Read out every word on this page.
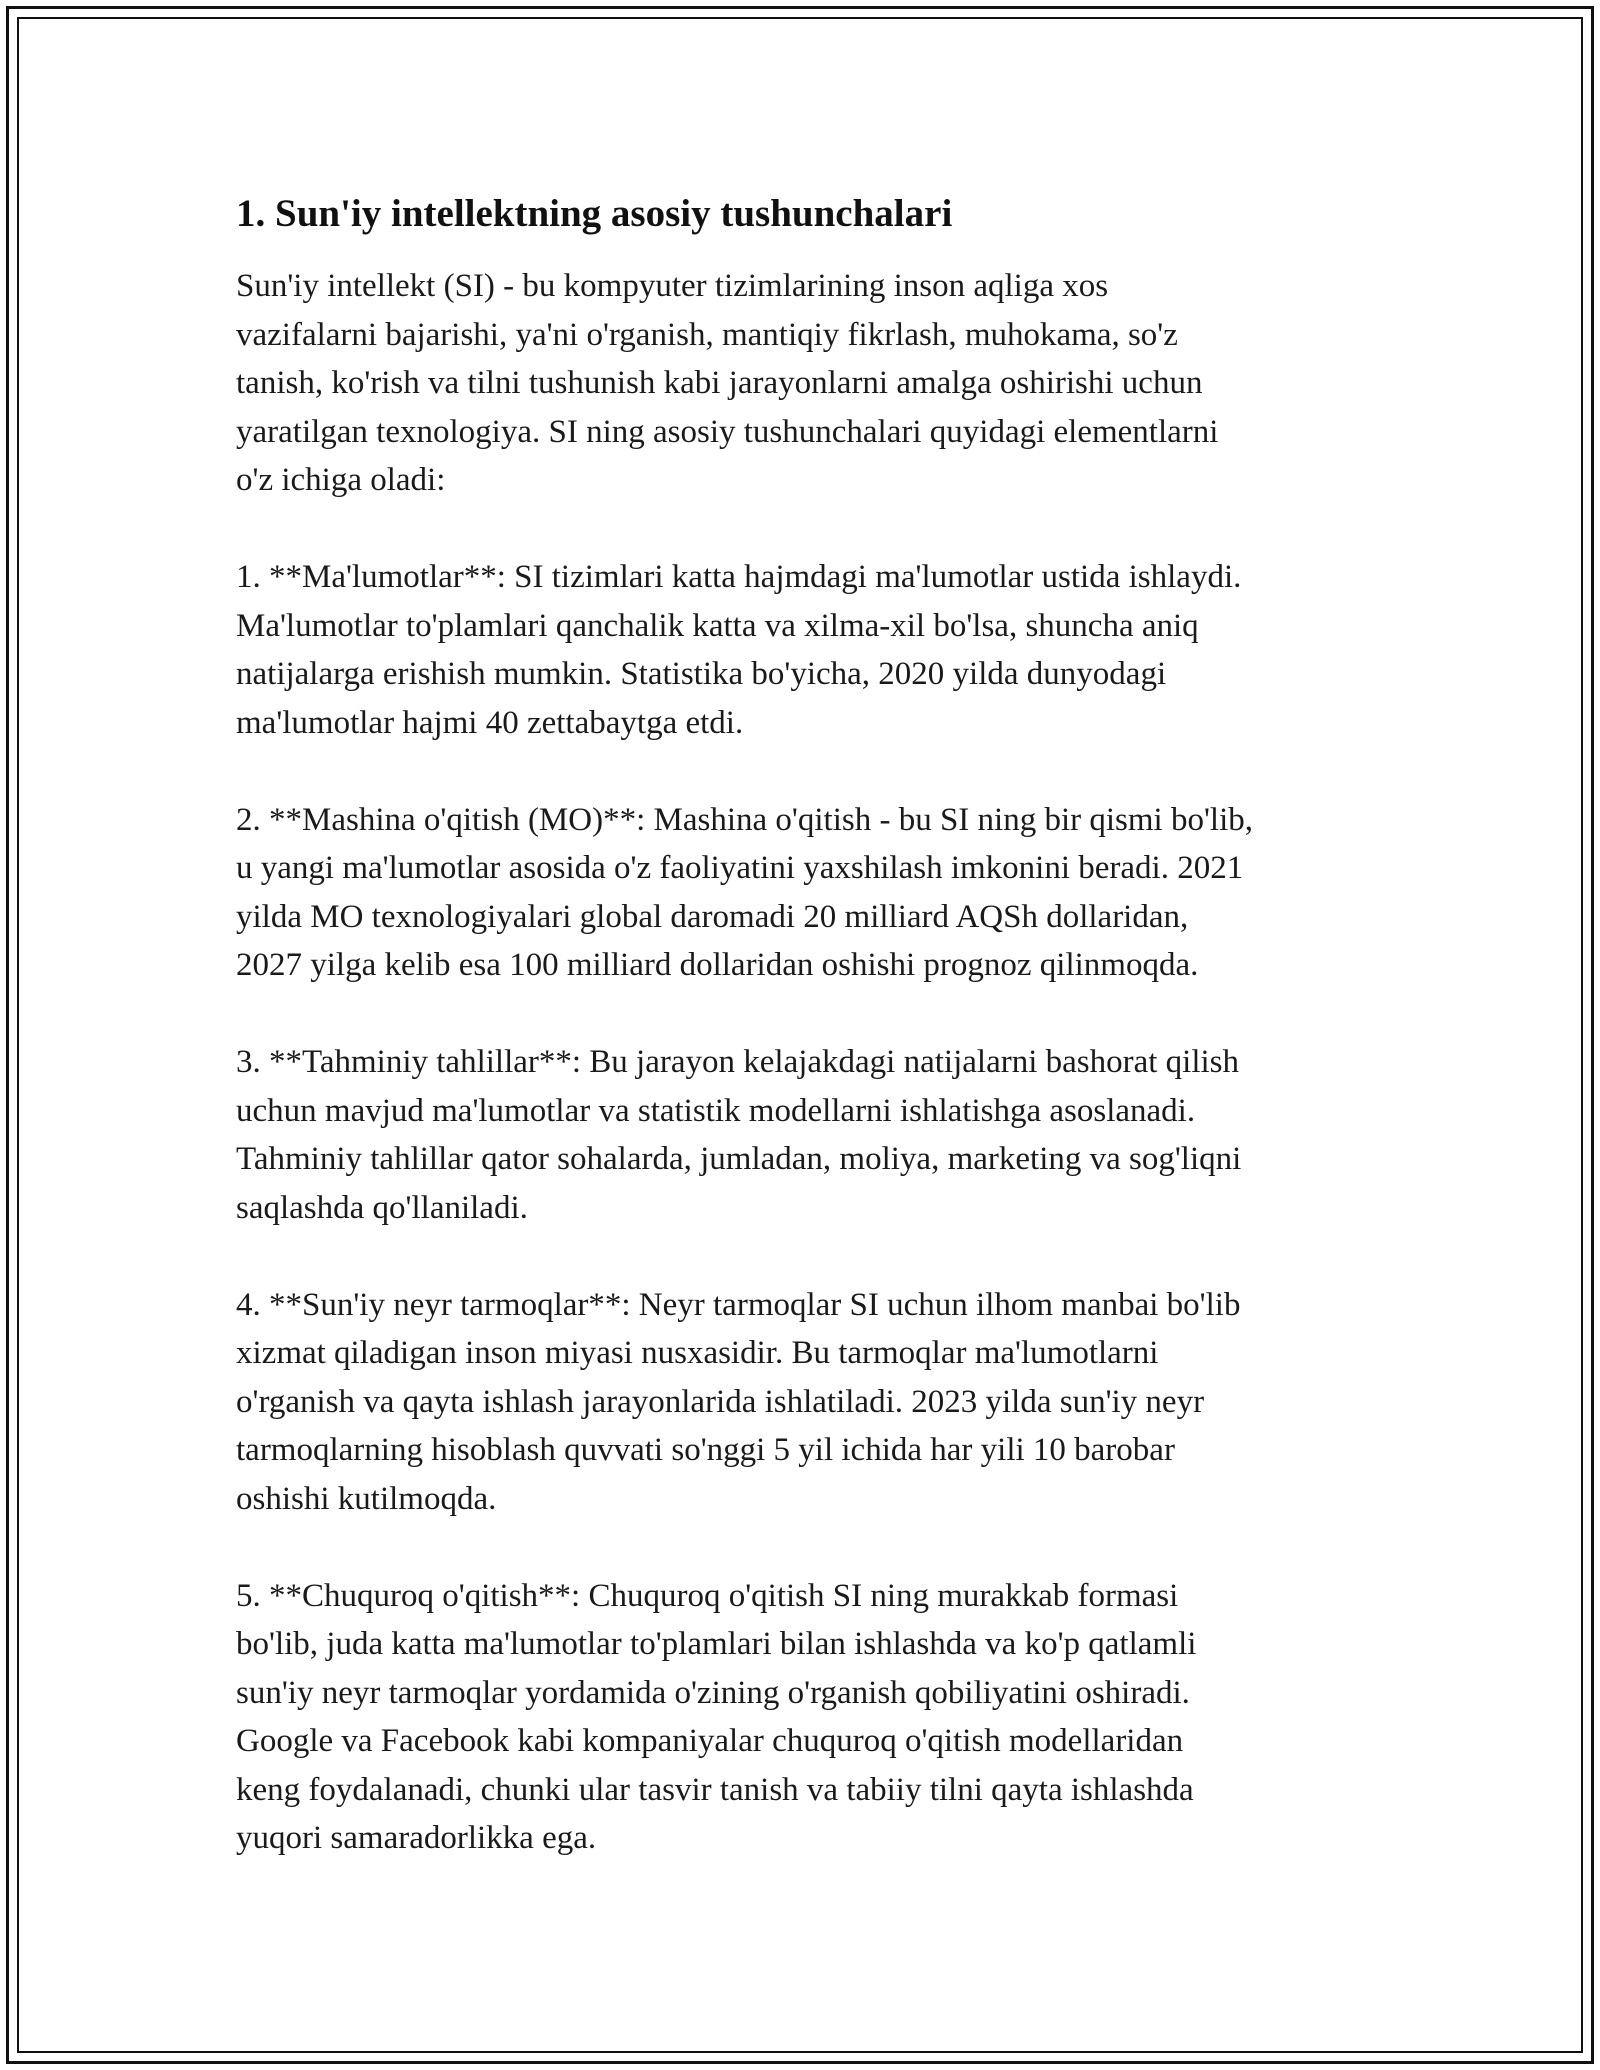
1. Sun'iy intellektning asosiy tushunchalari

Sun'iy intellekt (SI) - bu kompyuter tizimlarining inson aqliga xos
vazifalarni bajarishi, ya'ni o'rganish, mantiqiy fikrlash, muhokama, so'z
tanish, ko'rish va tilni tushunish kabi jarayonlarni amalga oshirishi uchun
yaratilgan texnologiya. SI ning asosiy tushunchalari quyidagi elementlarni
o'z ichiga oladi:

1. **Ma'lumotlar**: SI tizimlari katta hajmdagi ma'lumotlar ustida ishlaydi.
Ma'lumotlar to'plamlari qanchalik katta va xilma-xil bo'lsa, shuncha aniq
natijalarga erishish mumkin. Statistika bo'yicha, 2020 yilda dunyodagi
ma'lumotlar hajmi 40 zettabaytga etdi.

2. **Mashina o'qitish (MO)**: Mashina o'qitish - bu SI ning bir qismi bo'lib,
u yangi ma'lumotlar asosida o'z faoliyatini yaxshilash imkonini beradi. 2021
yilda MO texnologiyalari global daromadi 20 milliard AQSh dollaridan,
2027 yilga kelib esa 100 milliard dollaridan oshishi prognoz qilinmoqda.

3. **Tahminiy tahlillar**: Bu jarayon kelajakdagi natijalarni bashorat qilish
uchun mavjud ma'lumotlar va statistik modellarni ishlatishga asoslanadi.
Tahminiy tahlillar qator sohalarda, jumladan, moliya, marketing va sog'liqni
saqlashda qo'llaniladi.

4. **Sun'iy neyr tarmoqlar**: Neyr tarmoqlar SI uchun ilhom manbai bo'lib
xizmat qiladigan inson miyasi nusxasidir. Bu tarmoqlar ma'lumotlarni
o'rganish va qayta ishlash jarayonlarida ishlatiladi. 2023 yilda sun'iy neyr
tarmoqlarning hisoblash quvvati so'nggi 5 yil ichida har yili 10 barobar
oshishi kutilmoqda.

5. **Chuquroq o'qitish**: Chuquroq o'qitish SI ning murakkab formasi
bo'lib, juda katta ma'lumotlar to'plamlari bilan ishlashda va ko'p qatlamli
sun'iy neyr tarmoqlar yordamida o'zining o'rganish qobiliyatini oshiradi.
Google va Facebook kabi kompaniyalar chuquroq o'qitish modellaridan
keng foydalanadi, chunki ular tasvir tanish va tabiiy tilni qayta ishlashda
yuqori samaradorlikka ega.
